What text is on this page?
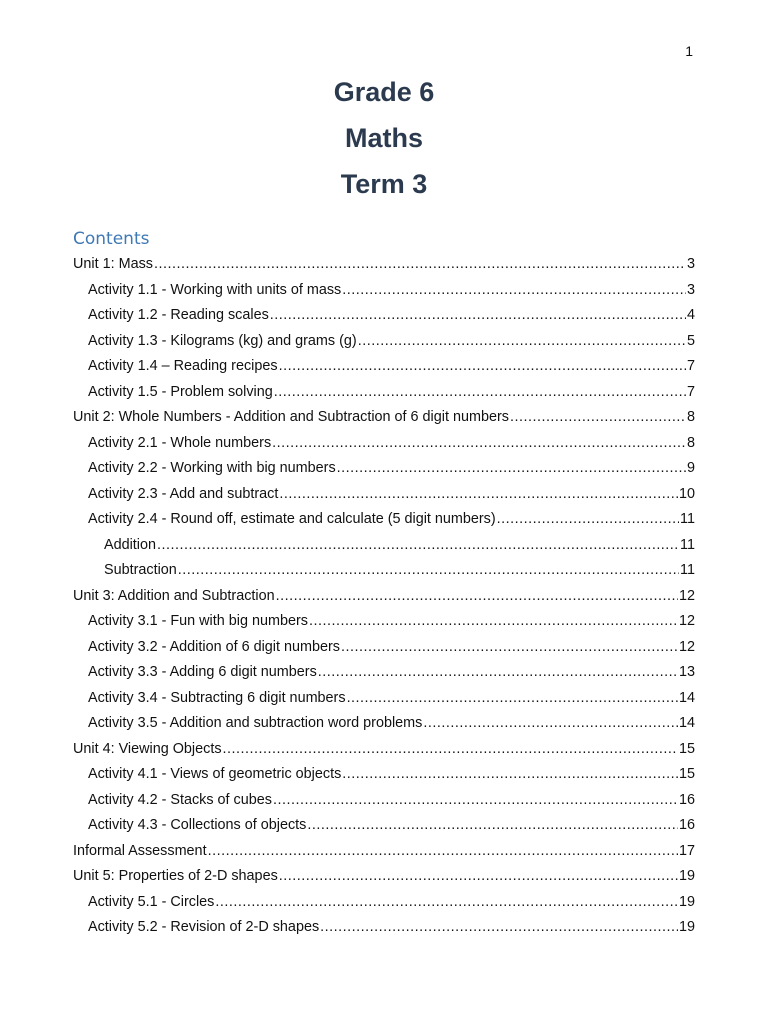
1
Grade 6
Maths
Term 3
Contents
Unit 1: Mass .....	3
Activity 1.1 - Working with units of mass .....	3
Activity 1.2 - Reading scales .....	4
Activity 1.3 - Kilograms (kg) and grams (g) .....	5
Activity 1.4 – Reading recipes .....	7
Activity 1.5 - Problem solving .....	7
Unit 2: Whole Numbers - Addition and Subtraction of 6 digit numbers .....	8
Activity 2.1 - Whole numbers .....	8
Activity 2.2 - Working with big numbers .....	9
Activity 2.3 - Add and subtract .....	10
Activity 2.4 - Round off, estimate and calculate (5 digit numbers) .....	11
Addition .....	11
Subtraction .....	11
Unit 3: Addition and Subtraction .....	12
Activity 3.1 - Fun with big numbers .....	12
Activity 3.2 - Addition of 6 digit numbers .....	12
Activity 3.3 - Adding 6 digit numbers .....	13
Activity 3.4 - Subtracting 6 digit numbers .....	14
Activity 3.5 - Addition and subtraction word problems .....	14
Unit 4: Viewing Objects .....	15
Activity 4.1 - Views of geometric objects .....	15
Activity 4.2 - Stacks of cubes .....	16
Activity 4.3 - Collections of objects .....	16
Informal Assessment .....	17
Unit 5: Properties of 2-D shapes .....	19
Activity 5.1 - Circles .....	19
Activity 5.2 - Revision of 2-D shapes .....	19
